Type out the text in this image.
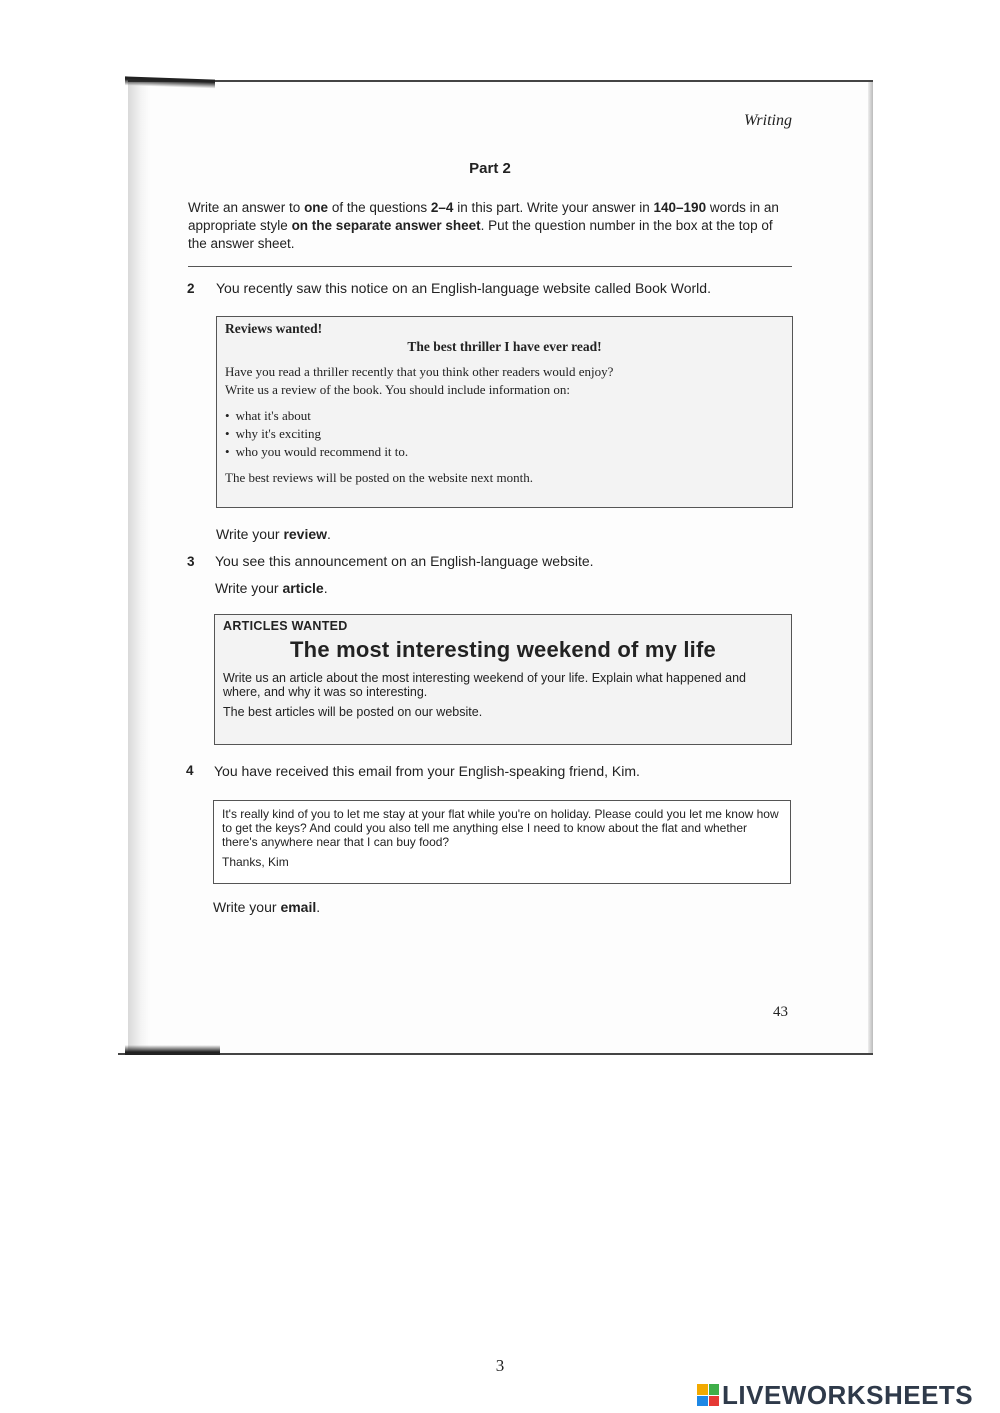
Writing
Part 2
Write an answer to one of the questions 2–4 in this part. Write your answer in 140–190 words in an appropriate style on the separate answer sheet. Put the question number in the box at the top of the answer sheet.
2 You recently saw this notice on an English-language website called Book World.
Reviews wanted!
The best thriller I have ever read!

Have you read a thriller recently that you think other readers would enjoy?

Write us a review of the book. You should include information on:

• what it's about

• why it's exciting

• who you would recommend it to.

The best reviews will be posted on the website next month.

Write your review.
3 You see this announcement on an English-language website.
Write your article.
ARTICLES WANTED
The most interesting weekend of my life

Write us an article about the most interesting weekend of your life. Explain what happened and where, and why it was so interesting.

The best articles will be posted on our website.

4 You have received this email from your English-speaking friend, Kim.

It's really kind of you to let me stay at your flat while you're on holiday. Please could you let me know how to get the keys? And could you also tell me anything else I need to know about the flat and whether there's anywhere near that I can buy food?

Thanks, Kim

Write your email.
43
3
LIVEWORKSHEETS
